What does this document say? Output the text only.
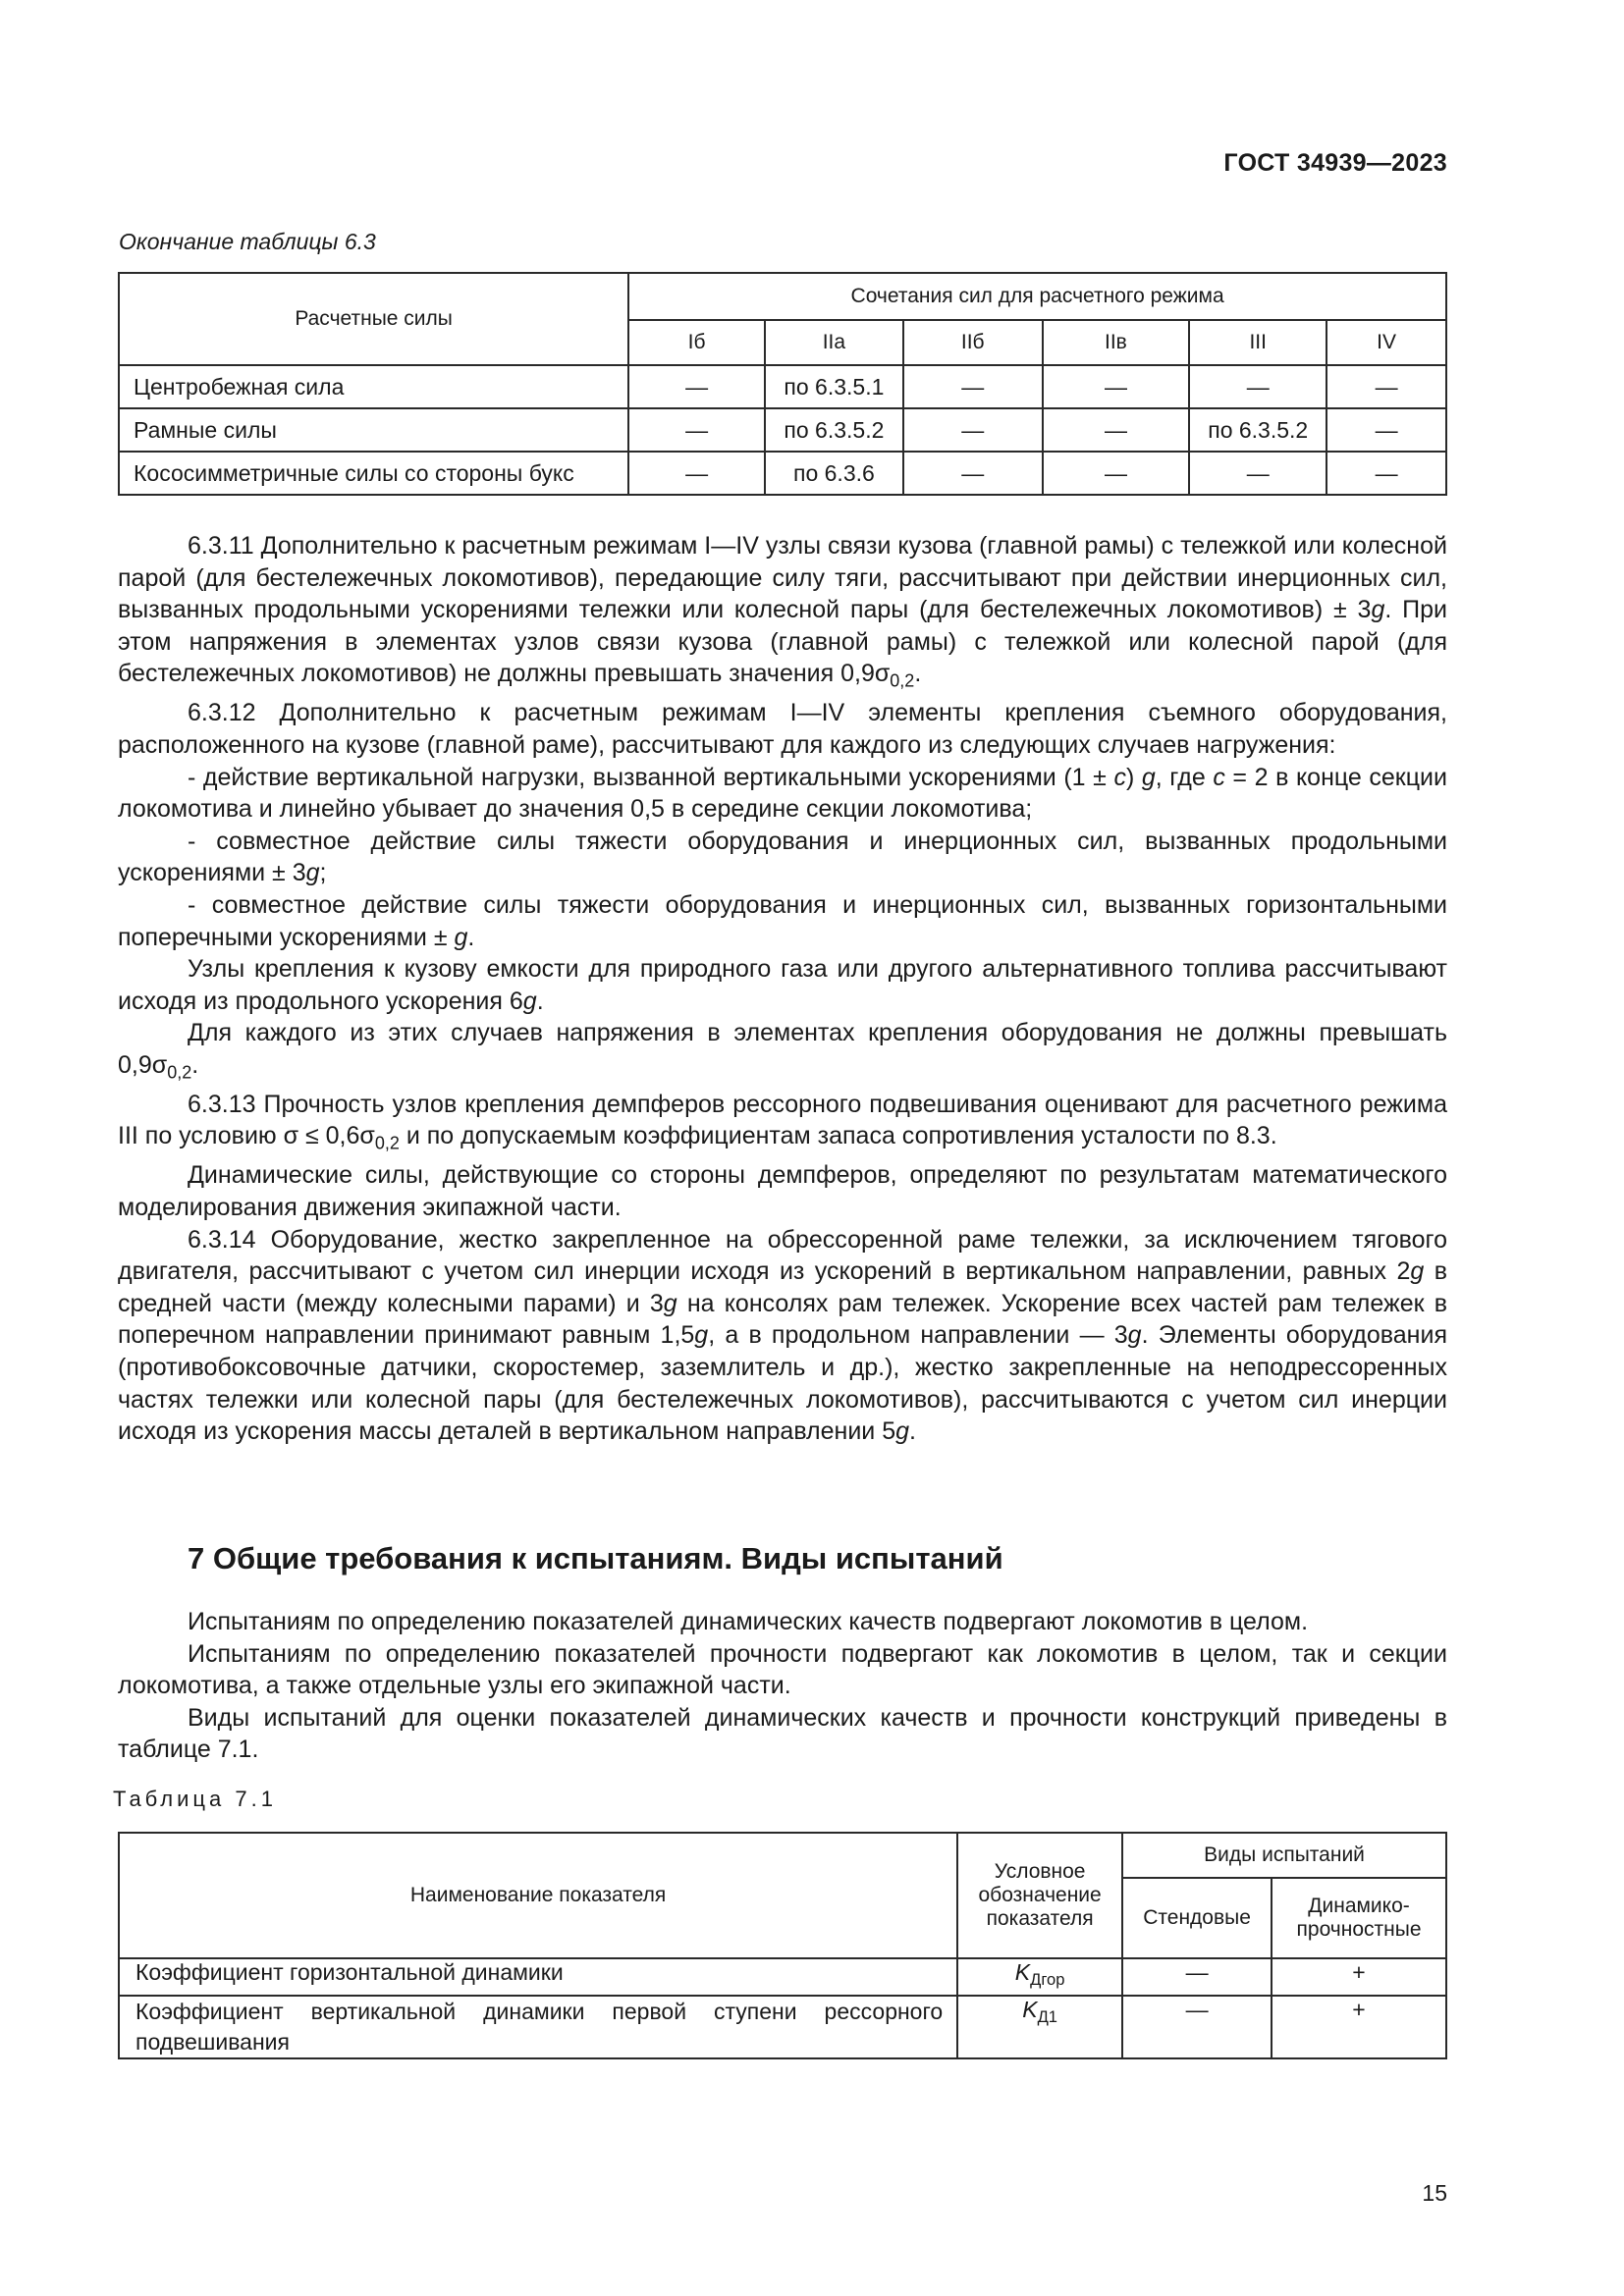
ГОСТ 34939—2023
Окончание таблицы 6.3
Расчетные силы	Сочетания сил для расчетного режима					
	Iб	IIа	IIб	IIв	III	IV
Центробежная сила	—	по 6.3.5.1	—	—	—	—
Рамные силы	—	по 6.3.5.2	—	—	по 6.3.5.2	—
Кососимметричные силы со стороны букс	—	по 6.3.6	—	—	—	—

6.3.11 Дополнительно к расчетным режимам I—IV узлы связи кузова (главной рамы) с тележкой или колесной парой (для бестележечных локомотивов), передающие силу тяги, рассчитывают при действии инерционных сил, вызванных продольными ускорениями тележки или колесной пары (для бестележечных локомотивов) ± 3g. При этом напряжения в элементах узлов связи кузова (главной рамы) с тележкой или колесной парой (для бестележечных локомотивов) не должны превышать значения $0,9\sigma_{0,2}$.

6.3.12 Дополнительно к расчетным режимам I—IV элементы крепления съемного оборудования, расположенного на кузове (главной раме), рассчитывают для каждого из следующих случаев нагружения:

- действие вертикальной нагрузки, вызванной вертикальными ускорениями (1 ± c) g, где c = 2 в конце секции локомотива и линейно убывает до значения 0,5 в середине секции локомотива;

- совместное действие силы тяжести оборудования и инерционных сил, вызванных продольными ускорениями ± 3g;

- совместное действие силы тяжести оборудования и инерционных сил, вызванных горизонтальными поперечными ускорениями ± g.

Узлы крепления к кузову емкости для природного газа или другого альтернативного топлива рассчитывают исходя из продольного ускорения 6g.

Для каждого из этих случаев напряжения в элементах крепления оборудования не должны превышать $0,9\sigma_{0,2}$.

6.3.13 Прочность узлов крепления демпферов рессорного подвешивания оценивают для расчетного режима III по условию $\sigma \le 0,6\sigma_{0,2}$ и по допускаемым коэффициентам запаса сопротивления усталости по 8.3.

Динамические силы, действующие со стороны демпферов, определяют по результатам математического моделирования движения экипажной части.

6.3.14 Оборудование, жестко закрепленное на обрессоренной раме тележки, за исключением тягового двигателя, рассчитывают с учетом сил инерции исходя из ускорений в вертикальном направлении, равных 2g в средней части (между колесными парами) и 3g на консолях рам тележек. Ускорение всех частей рам тележек в поперечном направлении принимают равным 1,5g, а в продольном направлении — 3g. Элементы оборудования (противобоксовочные датчики, скоростемер, заземлитель и др.), жестко закрепленные на неподрессоренных частях тележки или колесной пары (для бестележечных локомотивов), рассчитываются с учетом сил инерции исходя из ускорения массы деталей в вертикальном направлении 5g.

7 Общие требования к испытаниям. Виды испытаний

Испытаниям по определению показателей динамических качеств подвергают локомотив в целом.

Испытаниям по определению показателей прочности подвергают как локомотив в целом, так и секции локомотива, а также отдельные узлы его экипажной части.

Виды испытаний для оценки показателей динамических качеств и прочности конструкций приведены в таблице 7.1.

Таблица 7.1
Наименование показателя	Условное обозначение показателя	Виды испытаний	
		Стендовые	Динамико-прочностные
Коэффициент горизонтальной динамики	$K_{Дгор}$	—	+
Коэффициент вертикальной динамики первой ступени рессорного подвешивания	$K_{Д1}$	—	+
15
